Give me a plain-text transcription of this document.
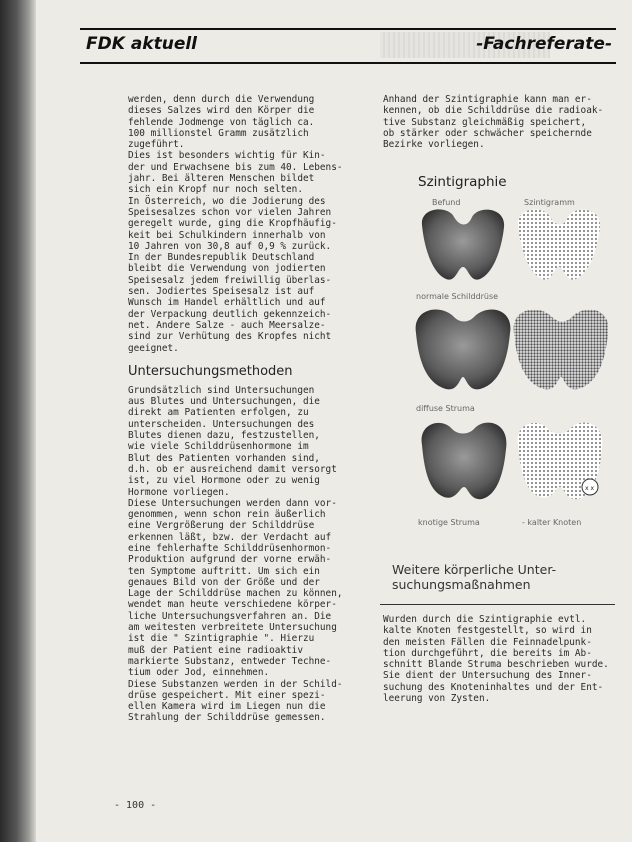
FDK aktuell	-Fachreferate-

werden, denn durch die Verwendung
dieses Salzes wird den Körper die
fehlende Jodmenge von täglich ca.
100 millionstel Gramm zusätzlich
zugeführt.
Dies ist besonders wichtig für Kin-
der und Erwachsene bis zum 40. Lebens-
jahr. Bei älteren Menschen bildet
sich ein Kropf nur noch selten.
In Österreich, wo die Jodierung des
Speisesalzes schon vor vielen Jahren
geregelt wurde, ging die Kropfhäufig-
keit bei Schulkindern innerhalb von
10 Jahren von 30,8 auf 0,9 % zurück.
In der Bundesrepublik Deutschland
bleibt die Verwendung von jodierten
Speisesalz jedem freiwillig überlas-
sen. Jodiertes Speisesalz ist auf
Wunsch im Handel erhältlich und auf
der Verpackung deutlich gekennzeich-
net. Andere Salze - auch Meersalze-
sind zur Verhütung des Kropfes nicht
geeignet.

Untersuchungsmethoden

Grundsätzlich sind Untersuchungen
aus Blutes und Untersuchungen, die
direkt am Patienten erfolgen, zu
unterscheiden. Untersuchungen des
Blutes dienen dazu, festzustellen,
wie viele Schilddrüsenhormone im
Blut des Patienten vorhanden sind,
d.h. ob er ausreichend damit versorgt
ist, zu viel Hormone oder zu wenig
Hormone vorliegen.
Diese Untersuchungen werden dann vor-
genommen, wenn schon rein äußerlich
eine Vergrößerung der Schilddrüse
erkennen läßt, bzw. der Verdacht auf
eine fehlerhafte Schilddrüsenhormon-
Produktion aufgrund der vorne erwäh-
ten Symptome auftritt. Um sich ein
genaues Bild von der Größe und der
Lage der Schilddrüse machen zu können,
wendet man heute verschiedene körper-
liche Untersuchungsverfahren an. Die
am weitesten verbreitete Untersuchung
ist die " Szintigraphie ". Hierzu
muß der Patient eine radioaktiv
markierte Substanz, entweder Techne-
tium oder Jod, einnehmen.
Diese Substanzen werden in der Schild-
drüse gespeichert. Mit einer spezi-
ellen Kamera wird im Liegen nun die
Strahlung der Schilddrüse gemessen.

Anhand der Szintigraphie kann man er-
kennen, ob die Schilddrüse die radioak-
tive Substanz gleichmäßig speichert,
ob stärker oder schwächer speichernde
Bezirke vorliegen.

Szintigraphie
Befund	Szintigramm
x x
normale Schilddrüse
diffuse Struma
knotige Struma	- kalter Knoten

Weitere körperliche Unter-
suchungsmaßnahmen

Wurden durch die Szintigraphie evtl.
kalte Knoten festgestellt, so wird in
den meisten Fällen die Feinnadelpunk-
tion durchgeführt, die bereits im Ab-
schnitt Blande Struma beschrieben wurde.
Sie dient der Untersuchung des Inner-
suchung des Knoteninhaltes und der Ent-
leerung von Zysten.

- 100 -
